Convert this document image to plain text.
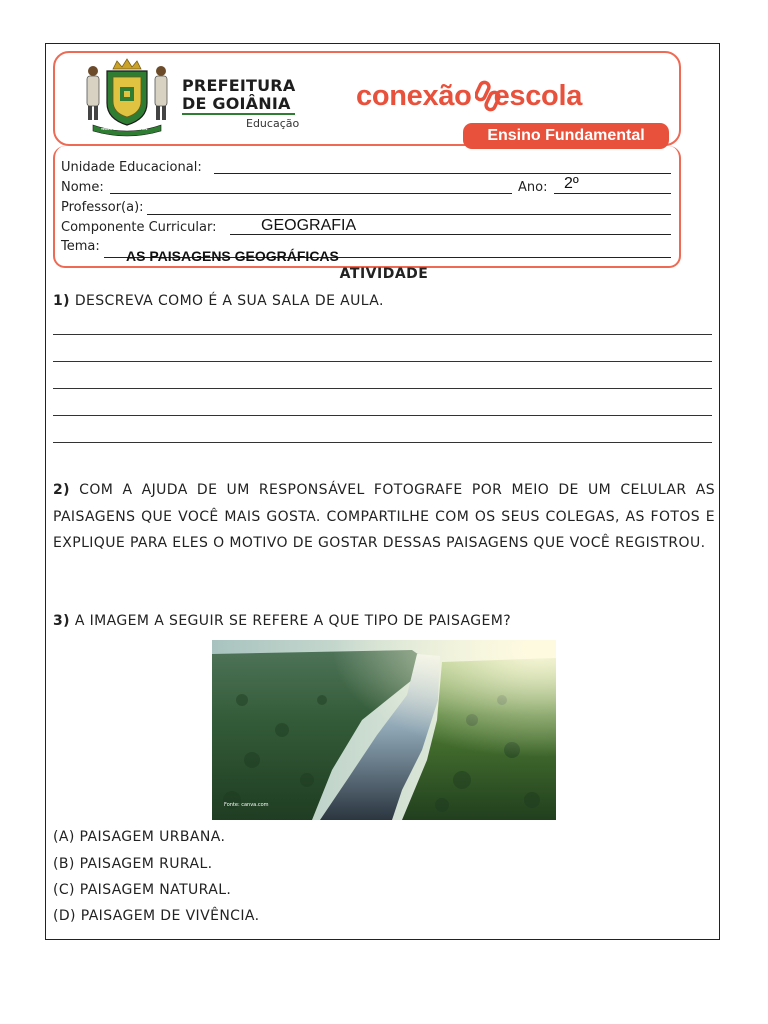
TERRA GOIANENSE DO PAÍS
PREFEITURA
DE GOIÂNIA
Educação
conexão escola
Ensino Fundamental
Unidade Educacional:
Nome:	Ano: 2º
Professor(a):
Componente Curricular:	GEOGRAFIA
Tema:
AS PAISAGENS GEOGRÁFICAS
ATIVIDADE
1) DESCREVA COMO É A SUA SALA DE AULA.
2) COM A AJUDA DE UM RESPONSÁVEL FOTOGRAFE POR MEIO DE UM CELULAR AS PAISAGENS QUE VOCÊ MAIS GOSTA. COMPARTILHE COM OS SEUS COLEGAS, AS FOTOS E EXPLIQUE PARA ELES O MOTIVO DE GOSTAR DESSAS PAISAGENS QUE VOCÊ REGISTROU.
3) A IMAGEM A SEGUIR SE REFERE A QUE TIPO DE PAISAGEM?
Fonte: canva.com
(A) PAISAGEM URBANA.
(B) PAISAGEM RURAL.
(C) PAISAGEM NATURAL.
(D) PAISAGEM DE VIVÊNCIA.
